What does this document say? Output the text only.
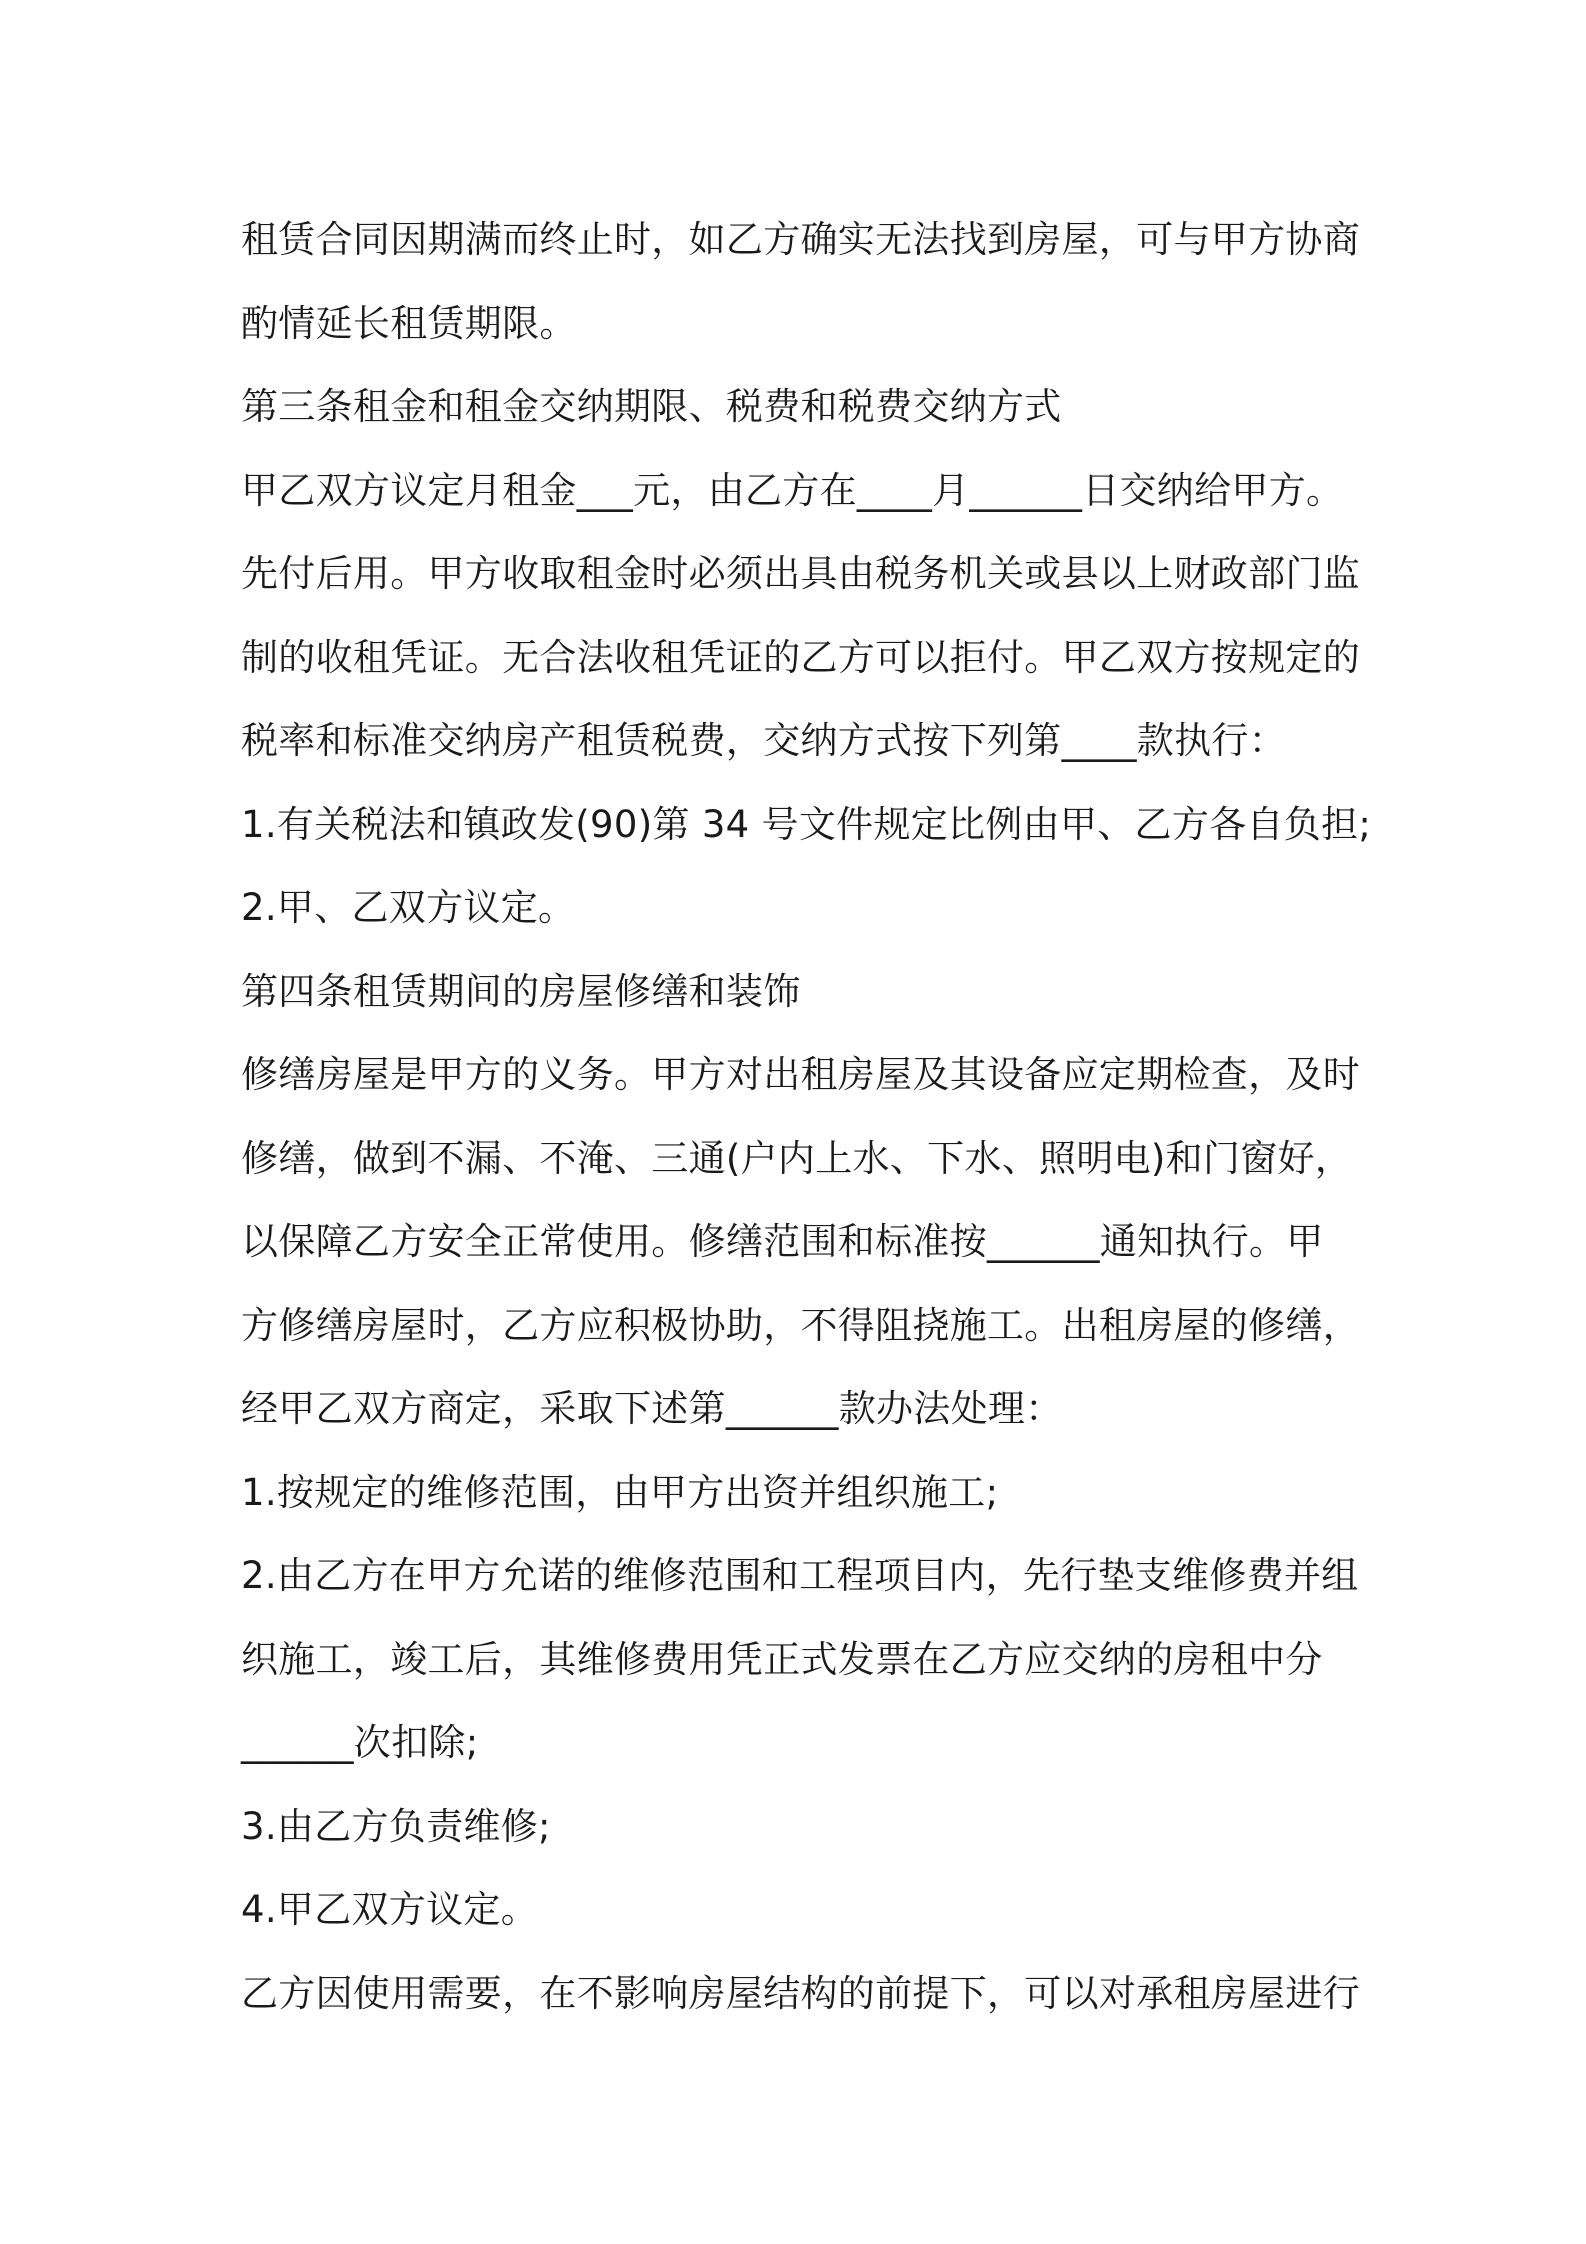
租赁合同因期满而终止时，如乙方确实无法找到房屋，可与甲方协商

酌情延长租赁期限。

第三条租金和租金交纳期限、税费和税费交纳方式

甲乙双方议定月租金___元，由乙方在____月______日交纳给甲方。

先付后用。甲方收取租金时必须出具由税务机关或县以上财政部门监

制的收租凭证。无合法收租凭证的乙方可以拒付。甲乙双方按规定的

税率和标准交纳房产租赁税费，交纳方式按下列第____款执行：

1.有关税法和镇政发(90)第 34 号文件规定比例由甲、乙方各自负担;

2.甲、乙双方议定。

第四条租赁期间的房屋修缮和装饰

修缮房屋是甲方的义务。甲方对出租房屋及其设备应定期检查，及时

修缮，做到不漏、不淹、三通(户内上水、下水、照明电)和门窗好，

以保障乙方安全正常使用。修缮范围和标准按______通知执行。甲

方修缮房屋时，乙方应积极协助，不得阻挠施工。出租房屋的修缮，

经甲乙双方商定，采取下述第______款办法处理：

1.按规定的维修范围，由甲方出资并组织施工;

2.由乙方在甲方允诺的维修范围和工程项目内，先行垫支维修费并组

织施工，竣工后，其维修费用凭正式发票在乙方应交纳的房租中分

______次扣除;

3.由乙方负责维修;

4.甲乙双方议定。

乙方因使用需要，在不影响房屋结构的前提下，可以对承租房屋进行
